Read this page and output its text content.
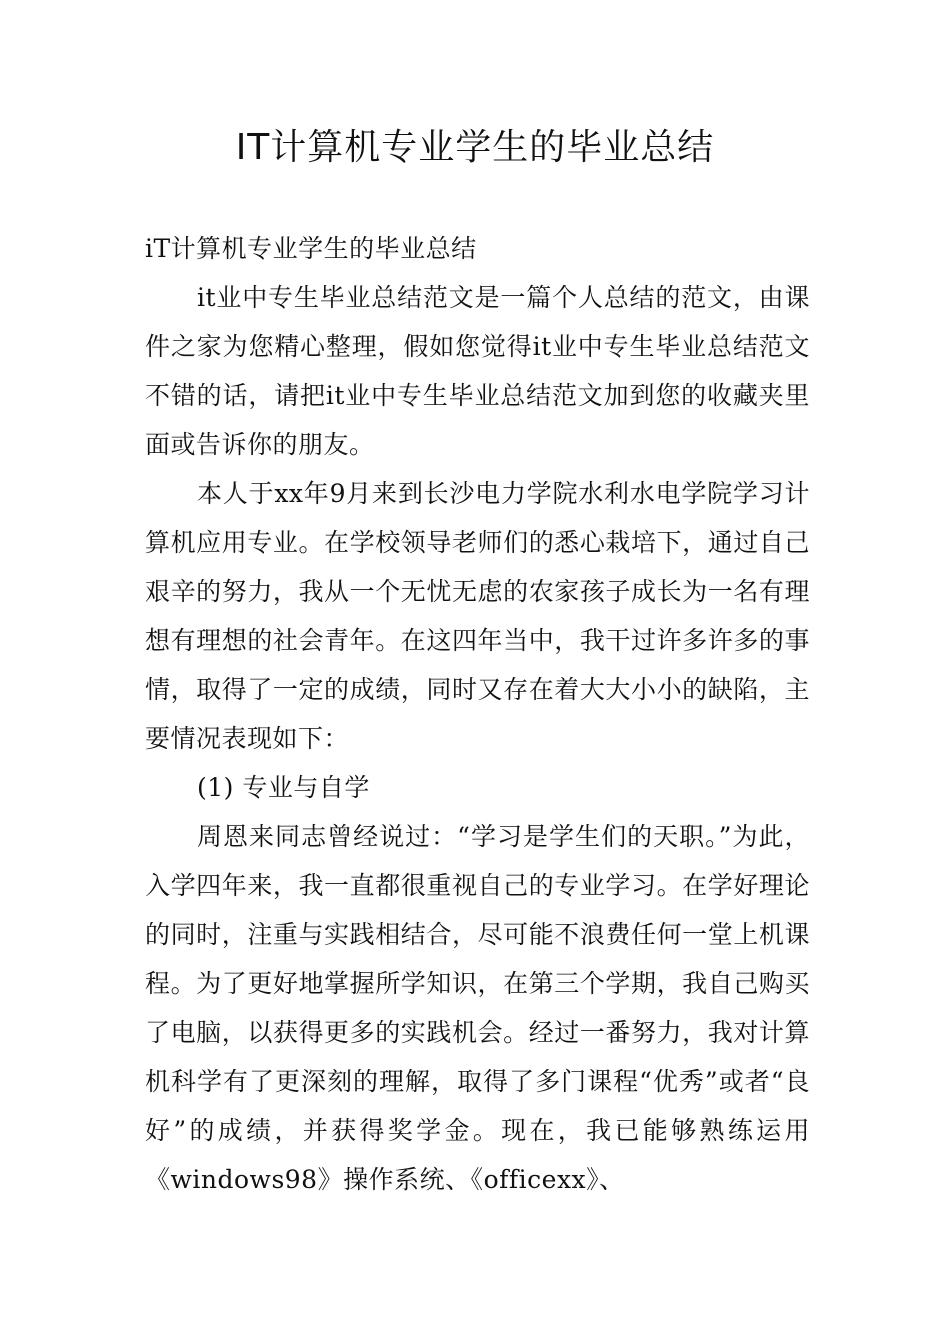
IT计算机专业学生的毕业总结

iT计算机专业学生的毕业总结

it业中专生毕业总结范文是一篇个人总结的范文，由课件之家为您精心整理，假如您觉得it业中专生毕业总结范文不错的话，请把it业中专生毕业总结范文加到您的收藏夹里面或告诉你的朋友。

本人于xx年9月来到长沙电力学院水利水电学院学习计算机应用专业。在学校领导老师们的悉心栽培下，通过自己艰辛的努力，我从一个无忧无虑的农家孩子成长为一名有理想有理想的社会青年。在这四年当中，我干过许多许多的事情，取得了一定的成绩，同时又存在着大大小小的缺陷，主要情况表现如下：

(1) 专业与自学

周恩来同志曾经说过：“学习是学生们的天职。”为此，入学四年来，我一直都很重视自己的专业学习。在学好理论的同时，注重与实践相结合，尽可能不浪费任何一堂上机课程。为了更好地掌握所学知识，在第三个学期，我自己购买了电脑，以获得更多的实践机会。经过一番努力，我对计算机科学有了更深刻的理解，取得了多门课程“优秀”或者“良好”的成绩，并获得奖学金。现在，我已能够熟练运用《windows98》操作系统、《officexx》、
